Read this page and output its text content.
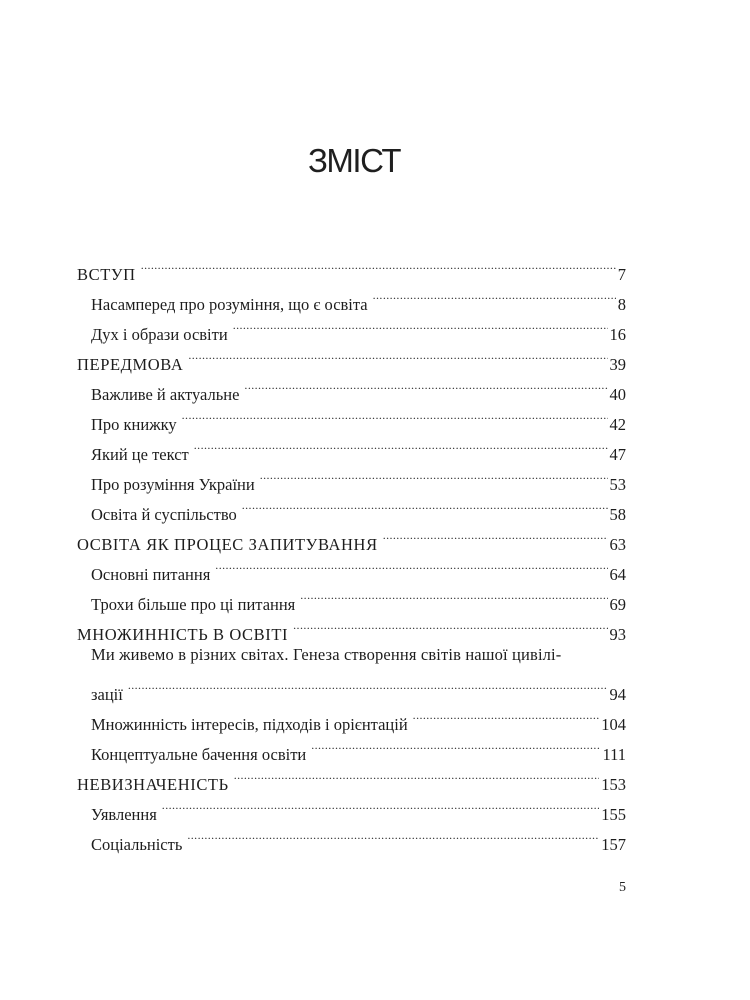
ЗМІСТ
ВСТУП .....	7
Насамперед про розуміння, що є освіта .....	8
Дух і образи освіти .....	16
ПЕРЕДМОВА .....	39
Важливе й актуальне .....	40
Про книжку .....	42
Який це текст .....	47
Про розуміння України .....	53
Освіта й суспільство .....	58
ОСВІТА ЯК ПРОЦЕС ЗАПИТУВАННЯ .....	63
Основні питання .....	64
Трохи більше про ці питання .....	69
МНОЖИННІСТЬ В ОСВІТІ .....	93
Ми живемо в різних світах. Генеза створення світів нашої цивілі-
зації .....	94
Множинність інтересів, підходів і орієнтацій .....	104
Концептуальне бачення освіти .....	111
НЕВИЗНАЧЕНІСТЬ .....	153
Уявлення .....	155
Соціальність .....	157
5
